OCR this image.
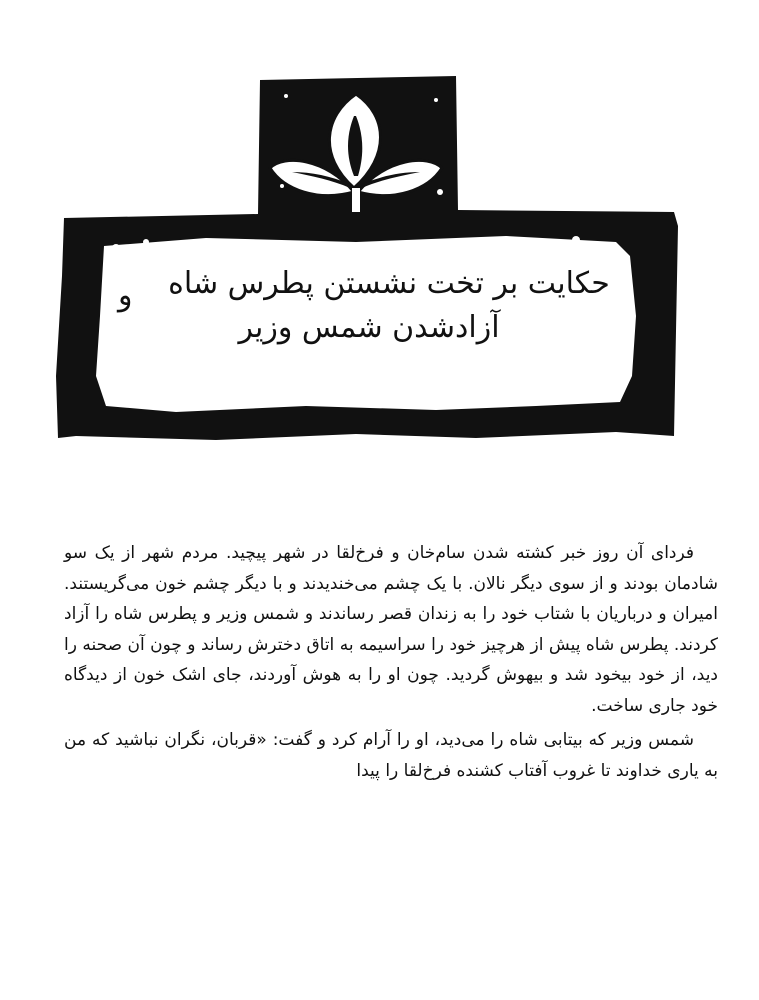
حکایت بر تخت نشستن پطرس شاه
آزادشدن شمس وزیر
و

فردای آن روز خبر کشته شدن سام‌خان و فرخ‌لقا در شهر پیچید. مردم شهر از یک سو شادمان بودند و از سوی دیگر نالان. با یک چشم می‌خندیدند و با دیگر چشم خون می‌گریستند. امیران و درباریان با شتاب خود را به زندان قصر رساندند و شمس وزیر و پطرس شاه را آزاد کردند. پطرس شاه پیش از هرچیز خود را سراسیمه به اتاق دخترش رساند و چون آن صحنه را دید، از خود بیخود شد و بیهوش گردید. چون او را به هوش آوردند، جای اشک خون از دیدگاه خود جاری ساخت.

شمس وزیر که بیتابی شاه را می‌دید، او را آرام کرد و گفت: «قربان، نگران نباشید که من به یاری خداوند تا غروب آفتاب کشنده فرخ‌لقا را پیدا
